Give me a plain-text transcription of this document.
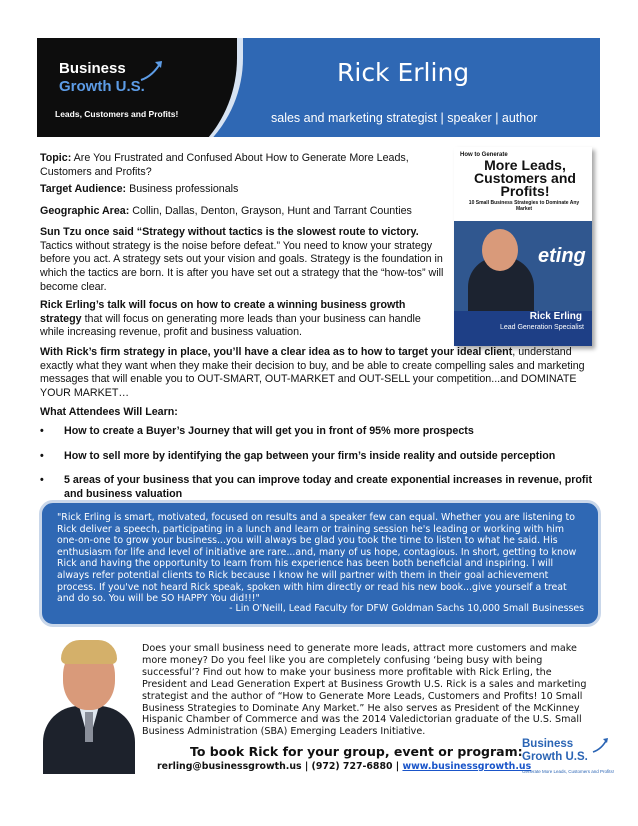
Business
Growth U.S.
Leads, Customers and Profits!
Rick Erling
sales and marketing strategist | speaker | author
How to Generate
More Leads, Customers and Profits!
10 Small Business Strategies to Dominate Any Market
eting
Rick Erling
Lead Generation Specialist
Topic: Are You Frustrated and Confused About How to Generate More Leads, Customers and Profits?
Target Audience: Business professionals
Geographic Area: Collin, Dallas, Denton, Grayson, Hunt and Tarrant Counties
Sun Tzu once said “Strategy without tactics is the slowest route to victory. Tactics without strategy is the noise before defeat.” You need to know your strategy before you act. A strategy sets out your vision and goals. Strategy is the foundation in which the tactics are born. It is after you have set out a strategy that the “how-tos” will become clear.
Rick Erling’s talk will focus on how to create a winning business growth strategy that will focus on generating more leads than your business can handle while increasing revenue, profit and business valuation.
With Rick’s firm strategy in place, you’ll have a clear idea as to how to target your ideal client, understand exactly what they want when they make their decision to buy, and be able to create compelling sales and marketing messages that will enable you to OUT-SMART, OUT-MARKET and OUT-SELL your competition...and DOMINATE YOUR MARKET…
What Attendees Will Learn:
• How to create a Buyer’s Journey that will get you in front of 95% more prospects
• How to sell more by identifying the gap between your firm’s inside reality and outside perception
• 5 areas of your business that you can improve today and create exponential increases in revenue, profit and business valuation
"Rick Erling is smart, motivated, focused on results and a speaker few can equal. Whether you are listening to Rick deliver a speech, participating in a lunch and learn or training session he's leading or working with him one-on-one to grow your business...you will always be glad you took the time to listen to what he said. His enthusiasm for life and level of initiative are rare...and, many of us hope, contagious. In short, getting to know Rick and having the opportunity to learn from his experience has been both beneficial and inspiring. I will always refer potential clients to Rick because I know he will partner with them in their goal achievement process. If you've not heard Rick speak, spoken with him directly or read his new book...give yourself a treat and do so. You will be SO HAPPY You did!!!"
- Lin O'Neill, Lead Faculty for DFW Goldman Sachs 10,000 Small Businesses
Does your small business need to generate more leads, attract more customers and make more money? Do you feel like you are completely confusing ‘being busy with being successful’? Find out how to make your business more profitable with Rick Erling, the President and Lead Generation Expert at Business Growth U.S. Rick is a sales and marketing strategist and the author of “How to Generate More Leads, Customers and Profits! 10 Small Business Strategies to Dominate Any Market.” He also serves as President of the McKinney Hispanic Chamber of Commerce and was the 2014 Valedictorian graduate of the U.S. Small Business Administration (SBA) Emerging Leaders Initiative.
To book Rick for your group, event or program:
rerling@businessgrowth.us | (972) 727-6880 | www.businessgrowth.us
Business
Growth U.S.
Generate More Leads, Customers and Profits!
